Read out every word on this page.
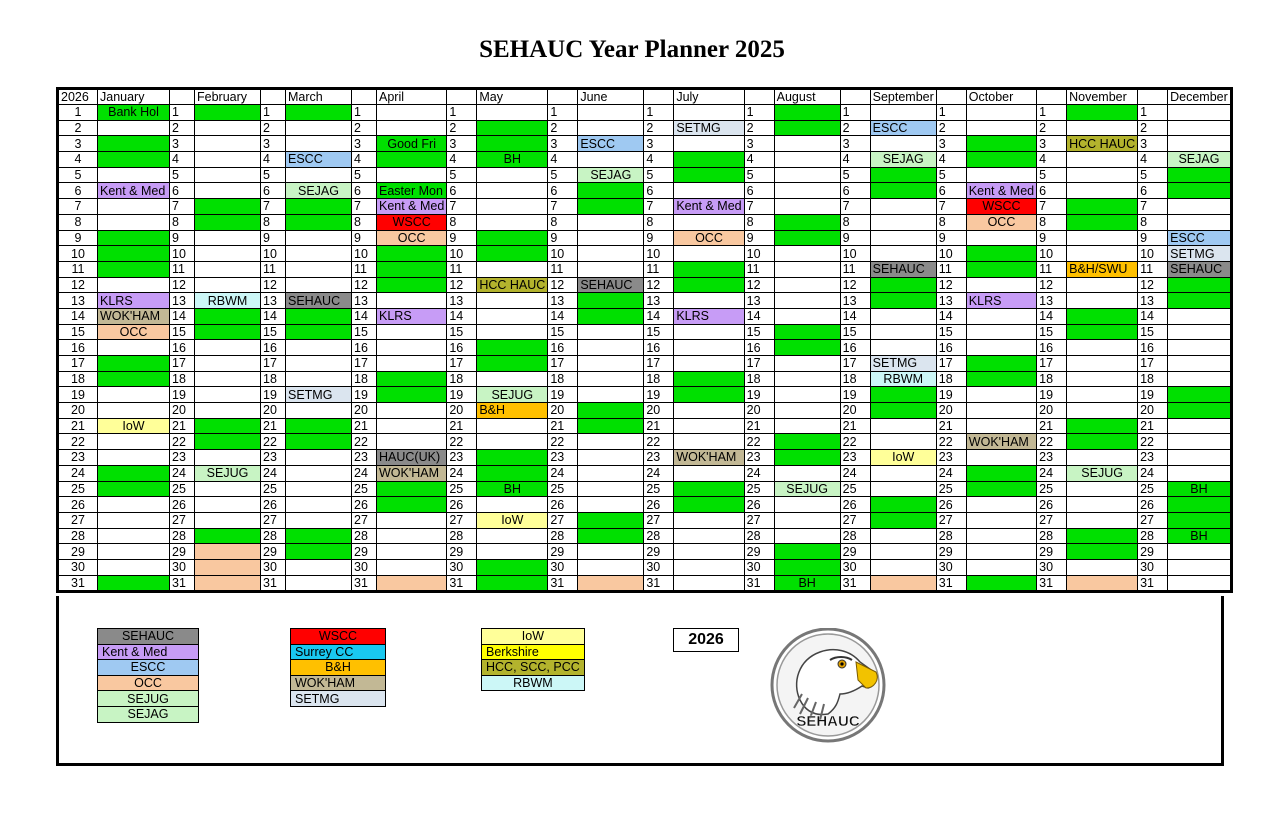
SEHAUC Year Planner 2025
2026	January		February		March		April		May		June		July		August		September		October		November		December
1	Bank Hol	1		1		1		1		1		1		1		1		1		1		1	
2		2		2		2		2		2		2	SETMG	2		2	ESCC	2		2		2	
3		3		3		3	Good Fri	3		3	ESCC	3		3		3		3		3	HCC HAUC	3	
4		4		4	ESCC	4		4	BH	4		4		4		4	SEJAG	4		4		4	SEJAG
5		5		5		5		5		5	SEJAG	5		5		5		5		5		5	
6	Kent & Med	6		6	SEJAG	6	Easter Mon	6		6		6		6		6		6	Kent & Med	6		6	
7		7		7		7	Kent & Med	7		7		7	Kent & Med	7		7		7	WSCC	7		7	
8		8		8		8	WSCC	8		8		8		8		8		8	OCC	8		8	
9		9		9		9	OCC	9		9		9	OCC	9		9		9		9		9	ESCC
10		10		10		10		10		10		10		10		10		10		10		10	SETMG
11		11		11		11		11		11		11		11		11	SEHAUC	11		11	B&H/SWU	11	SEHAUC
12		12		12		12		12	HCC HAUC	12	SEHAUC	12		12		12		12		12		12	
13	KLRS	13	RBWM	13	SEHAUC	13		13		13		13		13		13		13	KLRS	13		13	
14	WOK'HAM	14		14		14	KLRS	14		14		14	KLRS	14		14		14		14		14	
15	OCC	15		15		15		15		15		15		15		15		15		15		15	
16		16		16		16		16		16		16		16		16		16		16		16	
17		17		17		17		17		17		17		17		17	SETMG	17		17		17	
18		18		18		18		18		18		18		18		18	RBWM	18		18		18	
19		19		19	SETMG	19		19	SEJUG	19		19		19		19		19		19		19	
20		20		20		20		20	B&H	20		20		20		20		20		20		20	
21	IoW	21		21		21		21		21		21		21		21		21		21		21	
22		22		22		22		22		22		22		22		22		22	WOK'HAM	22		22	
23		23		23		23	HAUC(UK)	23		23		23	WOK'HAM	23		23	IoW	23		23		23	
24		24	SEJUG	24		24	WOK'HAM	24		24		24		24		24		24		24	SEJUG	24	
25		25		25		25		25	BH	25		25		25	SEJUG	25		25		25		25	BH
26		26		26		26		26		26		26		26		26		26		26		26	
27		27		27		27		27	IoW	27		27		27		27		27		27		27	
28		28		28		28		28		28		28		28		28		28		28		28	BH
29		29		29		29		29		29		29		29		29		29		29		29	
30		30		30		30		30		30		30		30		30		30		30		30	
31		31		31		31		31		31		31		31	BH	31		31		31		31	
SEHAUC
Kent & Med
ESCC
OCC
SEJUG
SEJAG
WSCC
Surrey CC
B&H
WOK'HAM
SETMG
IoW
Berkshire
HCC, SCC, PCC
RBWM
2026
SEHAUC
